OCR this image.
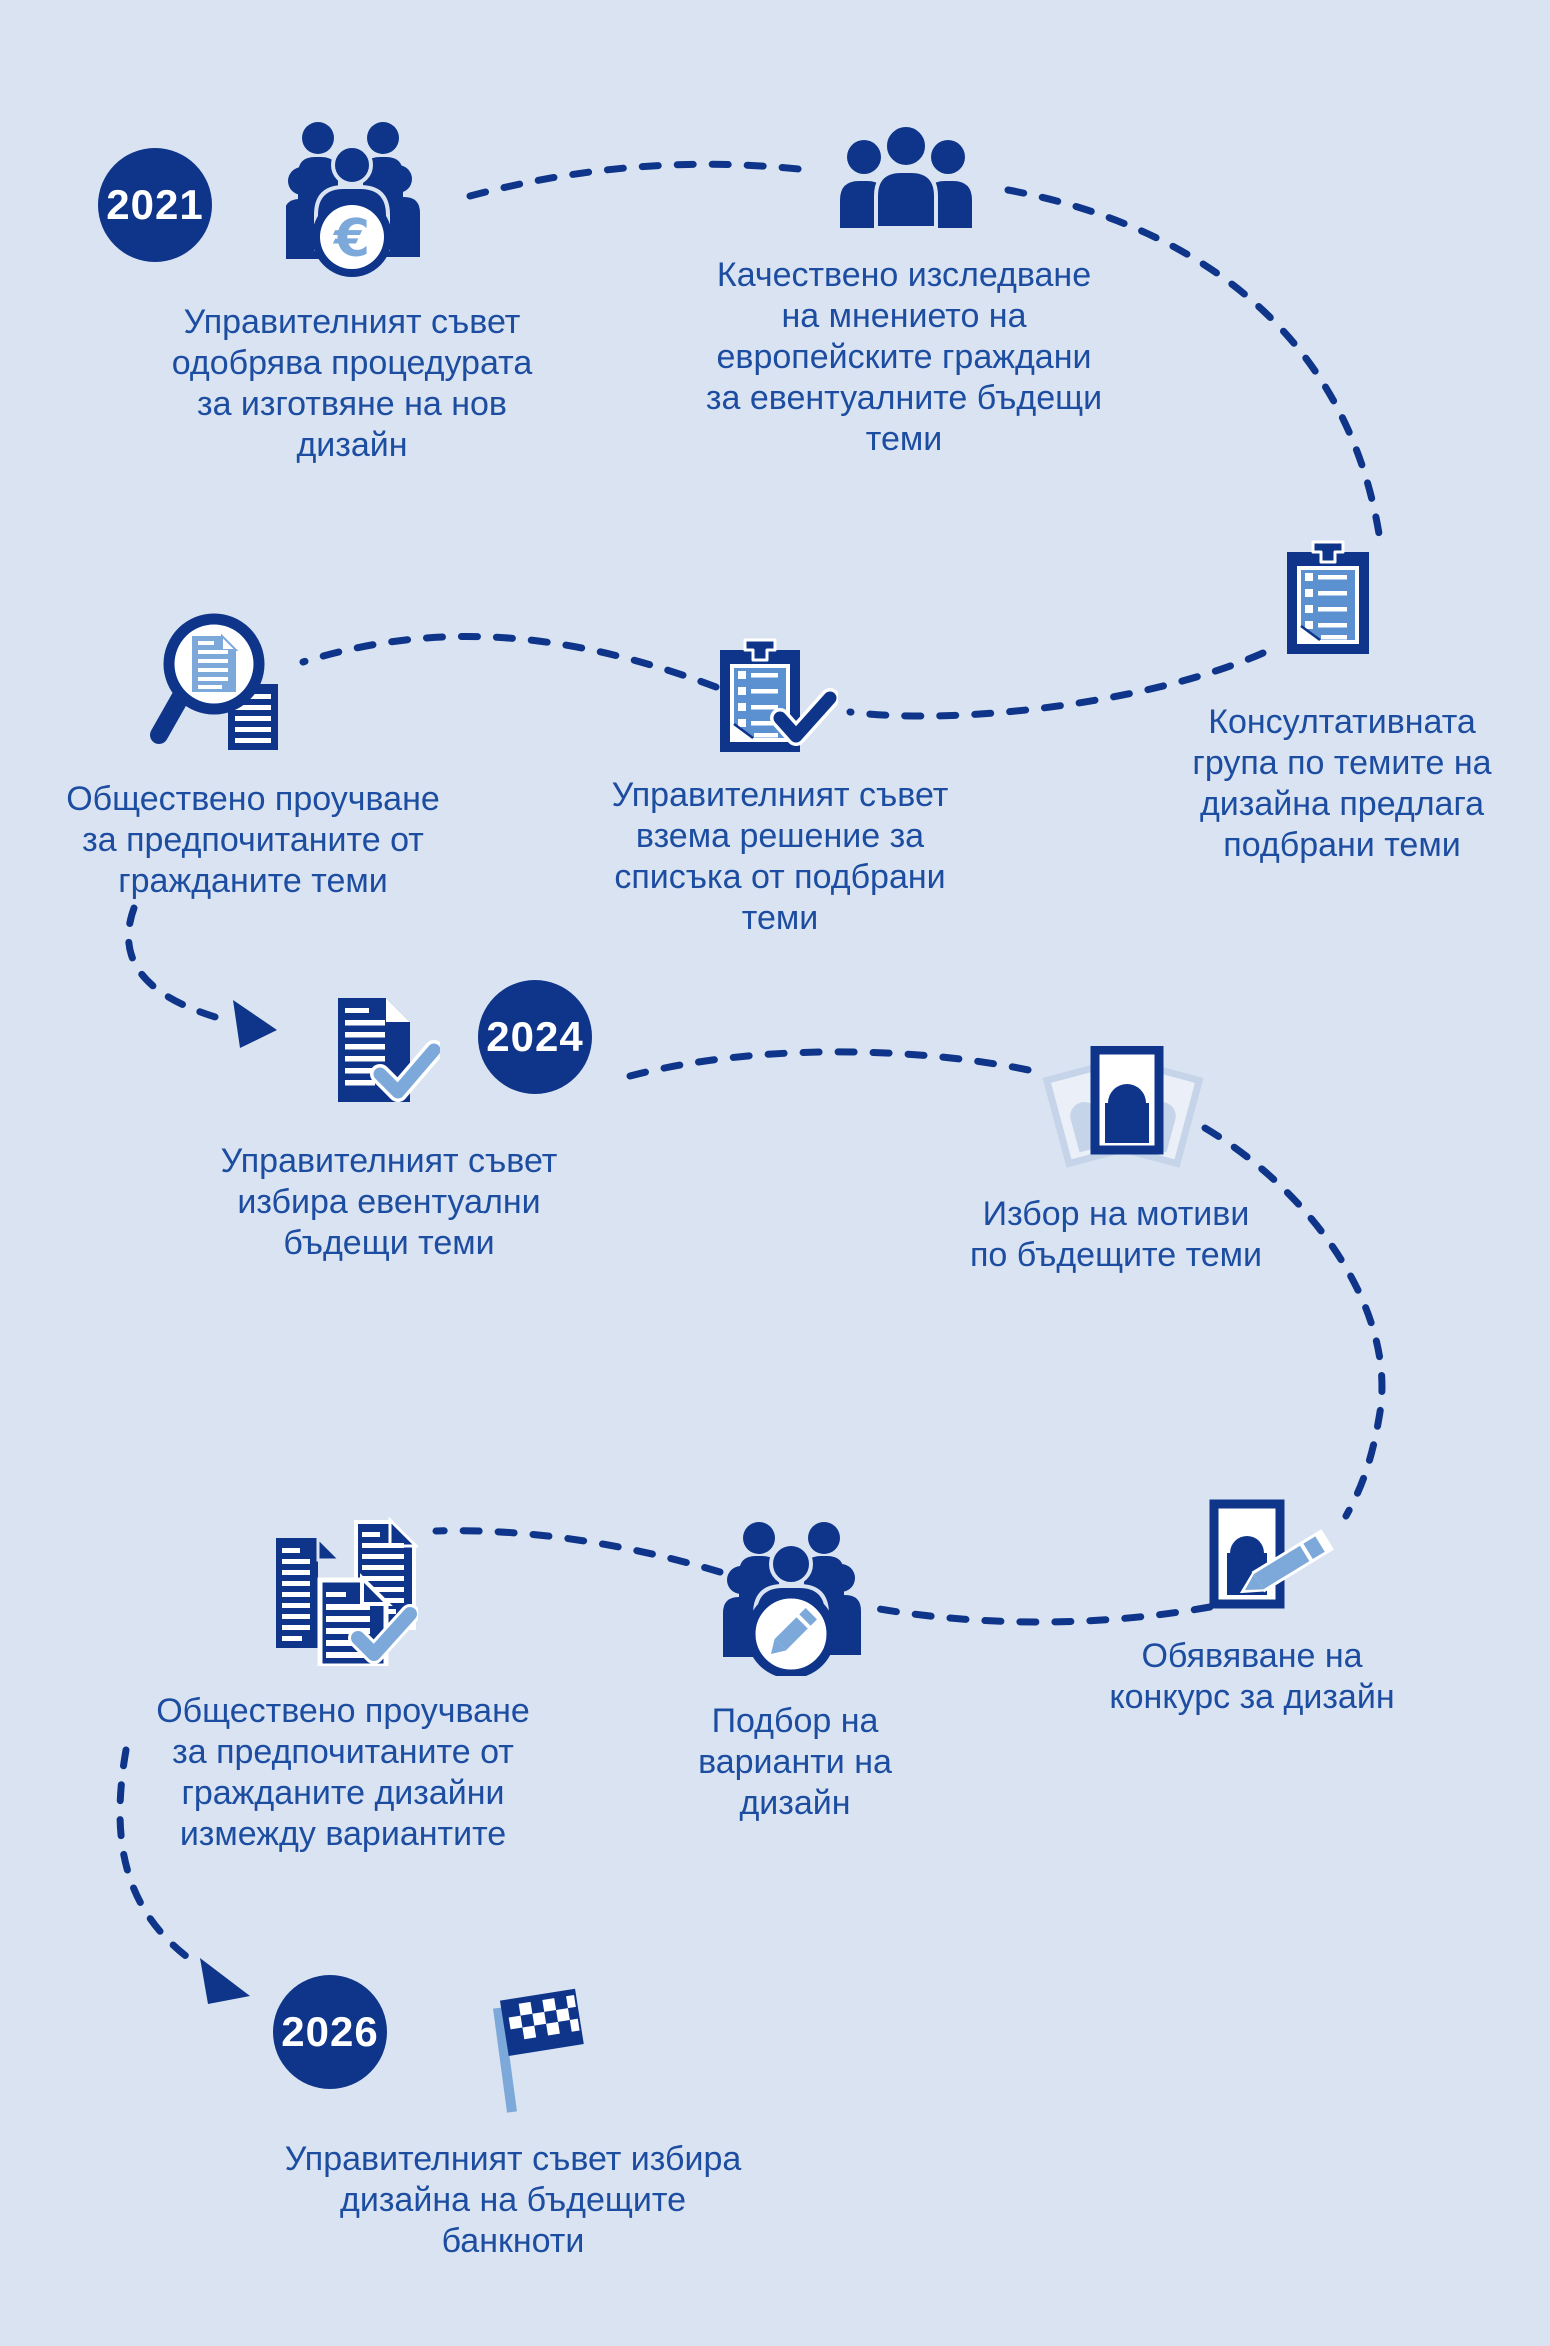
2021
2024
2026
€
Управителният съвет
одобрява процедурата
за изготвяне на нов
дизайн
Качествено изследване
на мнението на
европейските граждани
за евентуалните бъдещи
теми
Консултативната
група по темите на
дизайна предлага
подбрани теми
Управителният съвет
взема решение за
списъка от подбрани
теми
Обществено проучване
за предпочитаните от
гражданите теми
Управителният съвет
избира евентуални
бъдещи теми
Избор на мотиви
по бъдещите теми
Обявяване на
конкурс за дизайн
Подбор на
варианти на
дизайн
Обществено проучване
за предпочитаните от
гражданите дизайни
измежду вариантите
Управителният съвет избира
дизайна на бъдещите
банкноти
